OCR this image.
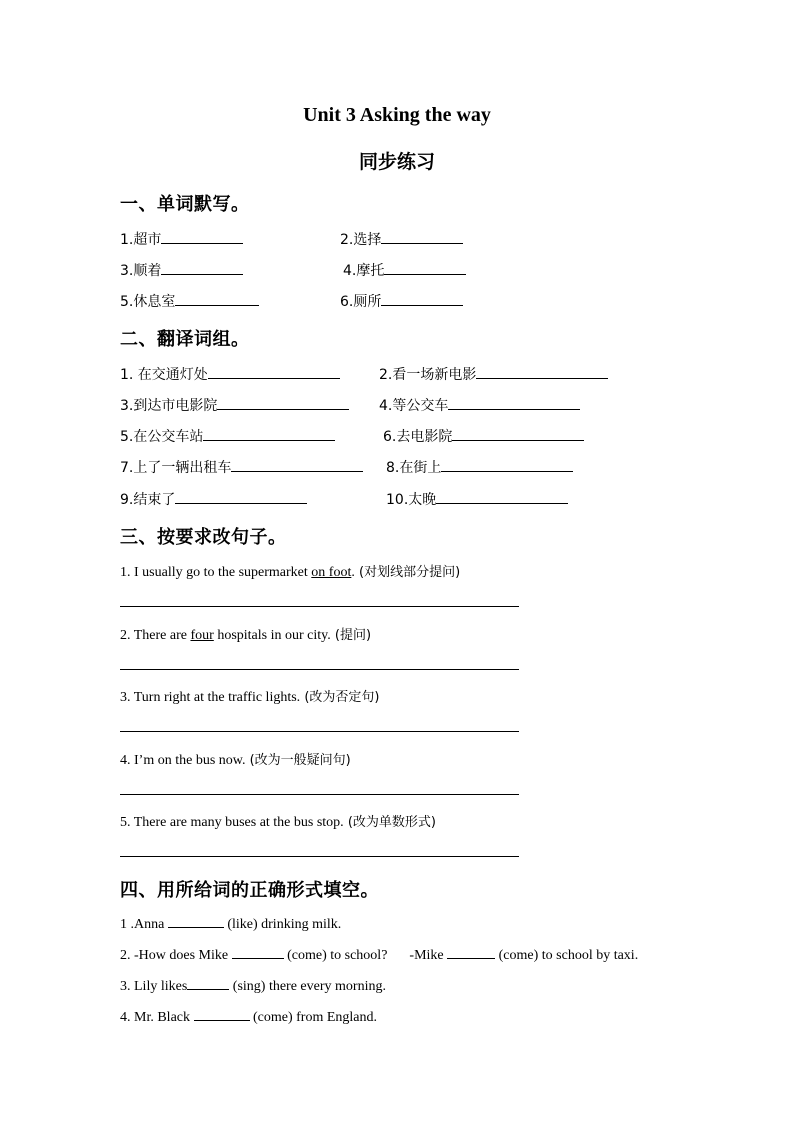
Unit 3 Asking the way
同步练习
一、单词默写。
1.超市	2.选择
3.顺着	4.摩托
5.休息室	6.厕所
二、翻译词组。
1. 在交通灯处	2.看一场新电影
3.到达市电影院	4.等公交车
5.在公交车站	6.去电影院
7.上了一辆出租车	8.在街上
9.结束了	10.太晚
三、按要求改句子。
1. I usually go to the supermarket on foot. (对划线部分提问)
2. There are four hospitals in our city. (提问)
3. Turn right at the traffic lights. (改为否定句)
4. I’m on the bus now. (改为一般疑问句)
5. There are many buses at the bus stop. (改为单数形式)
四、用所给词的正确形式填空。
1 .Anna	(like) drinking milk.
2. -How does Mike	(come) to school? -Mike	(come) to school by taxi.
3. Lily likes	(sing) there every morning.
4. Mr. Black	(come) from England.
